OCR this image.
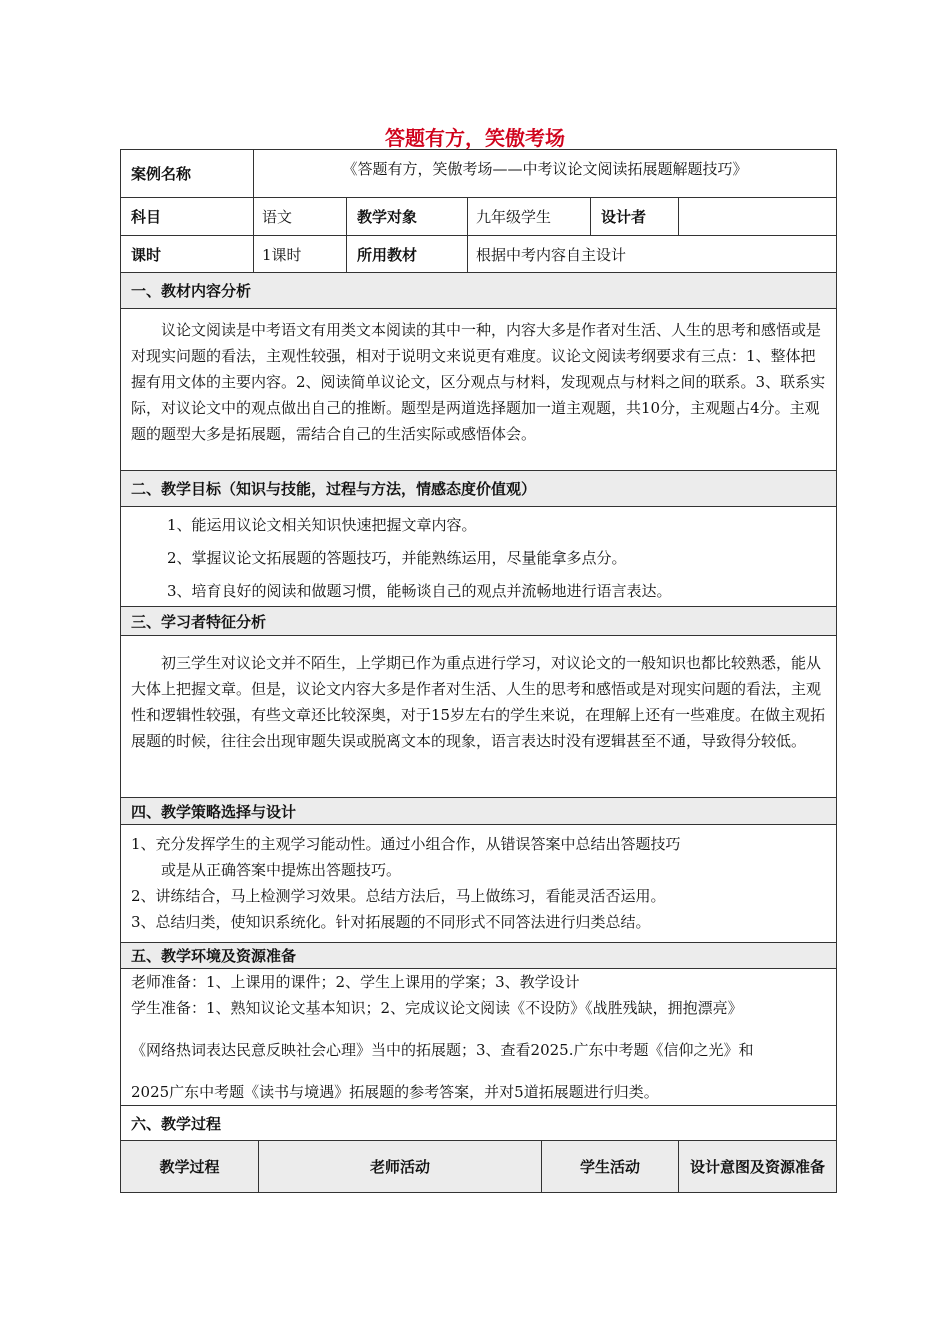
答题有方，笑傲考场
案例名称	《答题有方，笑傲考场——中考议论文阅读拓展题解题技巧》
科目	语文	教学对象	九年级学生	设计者
课时	1课时	所用教材	根据中考内容自主设计
一、教材内容分析

议论文阅读是中考语文有用类文本阅读的其中一种，内容大多是作者对生活、人生的思考和感悟或是对现实问题的看法，主观性较强，相对于说明文来说更有难度。议论文阅读考纲要求有三点：1、整体把握有用文体的主要内容。2、阅读简单议论文，区分观点与材料，发现观点与材料之间的联系。3、联系实际，对议论文中的观点做出自己的推断。题型是两道选择题加一道主观题，共10分，主观题占4分。主观题的题型大多是拓展题，需结合自己的生活实际或感悟体会。

二、教学目标（知识与技能，过程与方法，情感态度价值观）

1、能运用议论文相关知识快速把握文章内容。

2、掌握议论文拓展题的答题技巧，并能熟练运用，尽量能拿多点分。

3、培育良好的阅读和做题习惯，能畅谈自己的观点并流畅地进行语言表达。

三、学习者特征分析

初三学生对议论文并不陌生，上学期已作为重点进行学习，对议论文的一般知识也都比较熟悉，能从大体上把握文章。但是，议论文内容大多是作者对生活、人生的思考和感悟或是对现实问题的看法，主观性和逻辑性较强，有些文章还比较深奥，对于15岁左右的学生来说，在理解上还有一些难度。在做主观拓展题的时候，往往会出现审题失误或脱离文本的现象，语言表达时没有逻辑甚至不通，导致得分较低。

四、教学策略选择与设计

1、充分发挥学生的主观学习能动性。通过小组合作，从错误答案中总结出答题技巧

或是从正确答案中提炼出答题技巧。

2、讲练结合，马上检测学习效果。总结方法后，马上做练习，看能灵活否运用。

3、总结归类，使知识系统化。针对拓展题的不同形式不同答法进行归类总结。

五、教学环境及资源准备

老师准备：1、上课用的课件；2、学生上课用的学案；3、教学设计

学生准备：1、熟知议论文基本知识；2、完成议论文阅读《不设防》《战胜残缺，拥抱漂亮》

《网络热词表达民意反映社会心理》当中的拓展题；3、查看2025.广东中考题《信仰之光》和

2025广东中考题《读书与境遇》拓展题的参考答案，并对5道拓展题进行归类。

六、教学过程
教学过程	老师活动	学生活动	设计意图及资源准备
